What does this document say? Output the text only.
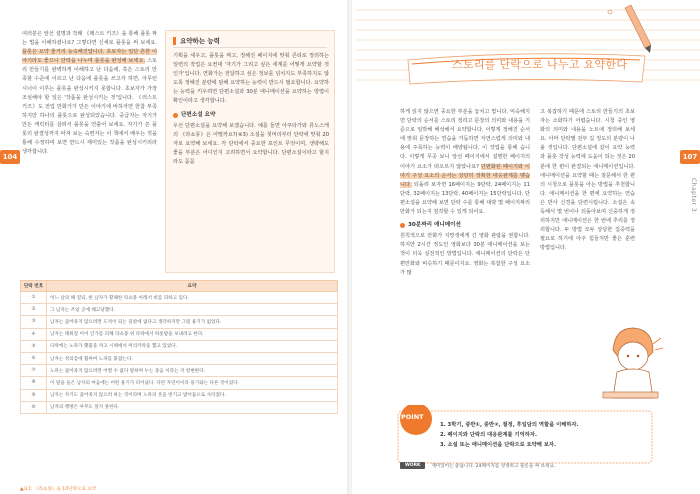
여러분은 앞선 설명과 작례 《래스트 키즈》을 통해 플롯 짜는 법을 이해하셨나요? 그렇다면 신세로 플롯을 써 보세요. 플롯은 요약 줄거리 능숙해진답니다. 초보자는 일단 흔한 이야기라도 좋으니 단락을 나누며 플롯을 완성해 보세요. 스토리 만들기를 완벽하게 이해하고 난 다음에, 혹은 스토리 만족할 수준에 이르고 난 다음에 플롯을 쓰고자 하면, 아무런 시너이 이루는 플롯을 완성시키지 못합니다. 초보자가 가장 조심해야 할 일은 '작품을 완성시키는 것'입니다. 《러스트 키즈》도 전업 만화가가 만든 이야기에 비하자면 한참 부족하지만 하나의 플롯으로 완성되었습니다. 중급자는 자기가 만든 캐릭터를 살려서 플롯을 연출어 보세요. 자기가 쓴 플롯의 완결성까지 따져 보는 숙련자는 이 책에서 배우는 것을 통해 수정하며 보면 반드시 재미있는 작품을 완성시키리라 생각합니다.

요약하는 능력

기획을 세우고, 플롯을 짜고, 정해진 페이지에 맞춰 콘티로 정리하는 일련의 작업은 요컨대 '자기가 그리고 싶은 세계를 어떻게 요약할 것인가'입니다. 연화가는 전달하고 싶은 정보를 넘치지도 부족하지도 않도록 정해진 분량에 담해 요약하는 능력이 반드시 필요합니다. 요약하는 능력을 키우려면 단편소설과 30분 애니메이션을 요약하는 방법이 확인이라고 생각합니다.

단편소설 요약

우선 단편소설을 요약해 보겠습니다. 예를 들면 아쿠타가와 류노스케의 《라쇼몽》은 어떨까요?(※3) 소설을 첫머리부터 단락에 맞춰 20자로 요약해 보세요. 각 단락에서 중요한 포인트 무엇이며, 생략해도 좋을 부분은 어디인지 고려하면서 요약합니다. 단편소설이라고 할지라도 꼼꼼

단락 번호	요약
①	어느 날의 해 질녘, 한 남자가 황폐한 라쇼몽 아래서 비를 피하고 있다.
②	그 남자는 쓰일 곳에 해고당했다.
③	남자는 굶어죽지 않으려면 도적이 되는 길밖에 없다고 생각하지만 그럴 용기가 없었다.
④	남자는 태워질 이어 인가를 피해 라쇼몽 위 다락에서 하룻밤을 보내려고 한다.
⑤	다락에는 노파가 횃불을 켜고 시체에서 머리카락을 뽑고 있었다.
⑥	남자는 정의감에 휩싸여 노파를 붙잡는다.
⑦	노파는 굶어죽지 않으려면 어쩔 수 없다 말하며 누는 중음 이라는 지 항변한다.
⑧	이 말을 들은 남자의 마음에는 어떤 용기가 피어났다. 다만 자연이이라 용기와는 다른 것이었다.
⑨	남자는 자기도 굶어죽지 않으려 하는 짓이라며 노파의 옷을 벗기고 밤어둠으로 사라졌다.
⑩	남자의 행방은 아무도 알지 못한다.
▲표1: 《라쇼몽》을 10단락으로 요약
104	107
Chapter 3
스토리를 단락으로 나누고 요약한다

하게 읽지 않으면 중요한 부분을 놓치고 맙니다. 익숙해지면 단락의 순서를 스토리 정리고 문장의 의미와 내용을 기준으로 임박해 해석해서 요약합니다. 이렇게 정해진 순서에 맞춰 문장하는 연습을 거듭하면 자연스럽게 의미와 내용에 주목하는 능력이 배양됩니다. 이 작업을 통해 습니다. 이렇게 무곳 보니 앞선 페이지에서 설명한 페이지의 이야기 요소가 떠오르지 않았나요? 단편화된 페이지와 이야기 구성 요소의 순서는 상당히 정확한 대응관계를 맺습니다. 되돌려 보자면 16페이지는 9단락, 24페이지는 11단락, 32페이지는 13단락, 40페이지는 15단락입니다. 단편소설을 요약해 보면 단락 수를 통해 대략 몇 페이지짜리 만화가 되는지 짐작할 수 있게 되어요.

30분짜리 애니메이션

원칙적으로 만화가 지망생에게 긴 영화 관람을 권합니다. 하지만 2시간 정도인 영화보다 30분 애니메이션을 보는 것이 더욱 실전적인 방법입니다. 애니메이션의 단락은 단편만화와 비슷하기 때문이지요. 영화는 복잡한 구성 요소가 많

고 복잡하기 때문에 스토리 만들기의 초보자는 소화하기 어렵습니다. 시청 중인 영화의 의미와 내용을 노트에 정리해 보세요. 아마 단락별 전부 길 정도의 분량이 나올 것입니다. 단편소설에 같이 요약 능력과 플롯 작성 능력에 도움이 되는 것은 20분에 한 편이 완결되는 애니메이션입니다. 애니메이션을 요약할 때는 질문해서 한 편의 시청으로 플롯을 아는 방법을 추천합니다. 애니메이션을 한 편에 요약하는 연습은 반사 신경을 단련시킵니다. 소설은 속독해서 몇 번이나 되돌아보며 신중하게 정리하지만 애니메이션은 한 번에 추리를 정리합니다. 두 방법 모두 상당한 집중력을 필요로 하기에 아주 힘들지만 좋은 훈련 방법입니다.

POINT
1. 3학기, 중반①, 중반②, 절정, 후일담의 역할을 이해하자.
2. 페이지와 단락의 대응관계를 기억하자.
3. 소설 또는 애니메이션을 단락으로 요약해 보자.
WORK	재미있어는 좋습니다. 24페이지를 상정하고 플롯을 짜 보세요.
